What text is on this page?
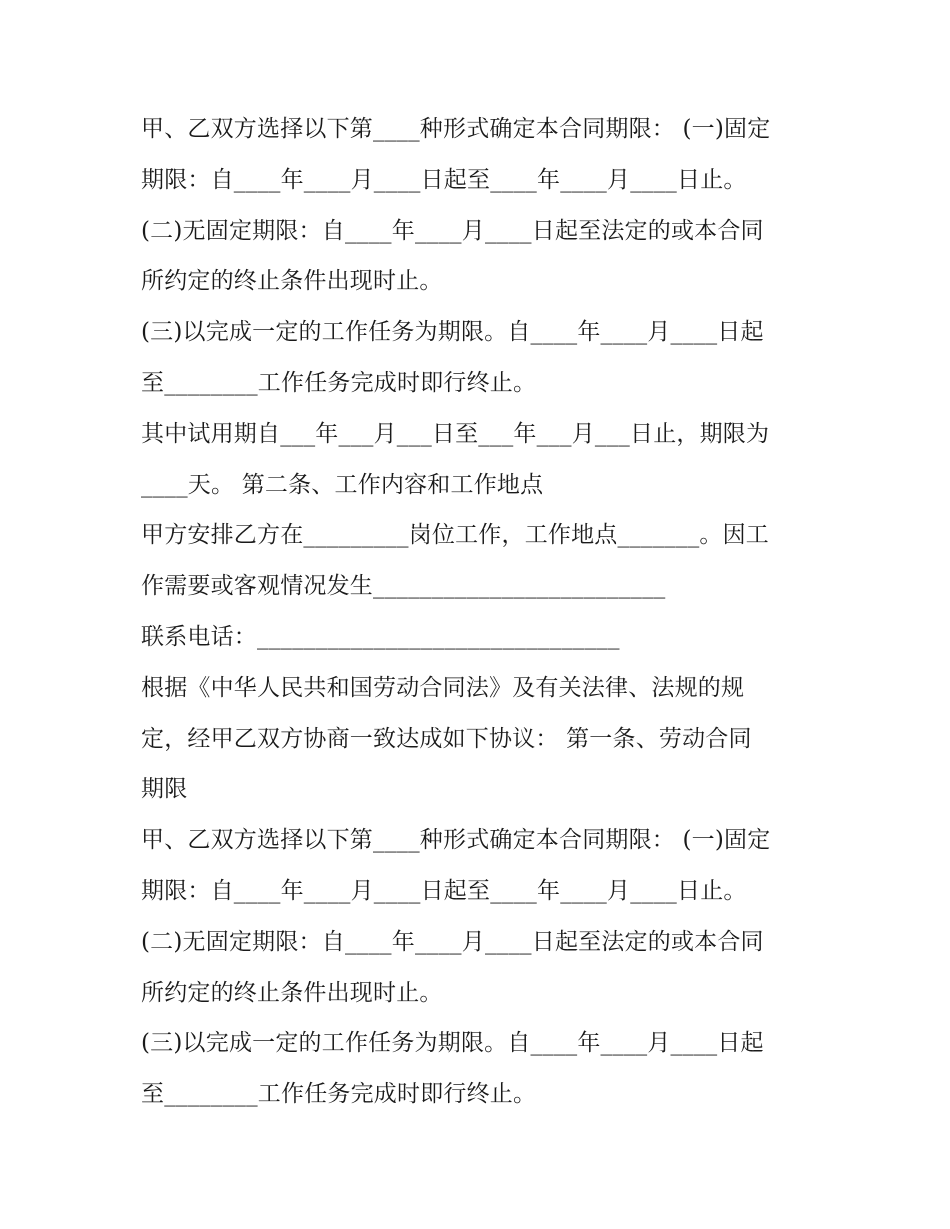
甲、乙双方选择以下第____种形式确定本合同期限： (一)固定
期限：自____年____月____日起至____年____月____日止。
(二)无固定期限：自____年____月____日起至法定的或本合同
所约定的终止条件出现时止。
(三)以完成一定的工作任务为期限。自____年____月____日起
至________工作任务完成时即行终止。
其中试用期自___年___月___日至___年___月___日止，期限为
____天。 第二条、工作内容和工作地点
甲方安排乙方在_________岗位工作，工作地点_______。因工
作需要或客观情况发生_________________________
联系电话：_______________________________
根据《中华人民共和国劳动合同法》及有关法律、法规的规
定，经甲乙双方协商一致达成如下协议： 第一条、劳动合同
期限
甲、乙双方选择以下第____种形式确定本合同期限： (一)固定
期限：自____年____月____日起至____年____月____日止。
(二)无固定期限：自____年____月____日起至法定的或本合同
所约定的终止条件出现时止。
(三)以完成一定的工作任务为期限。自____年____月____日起
至________工作任务完成时即行终止。
